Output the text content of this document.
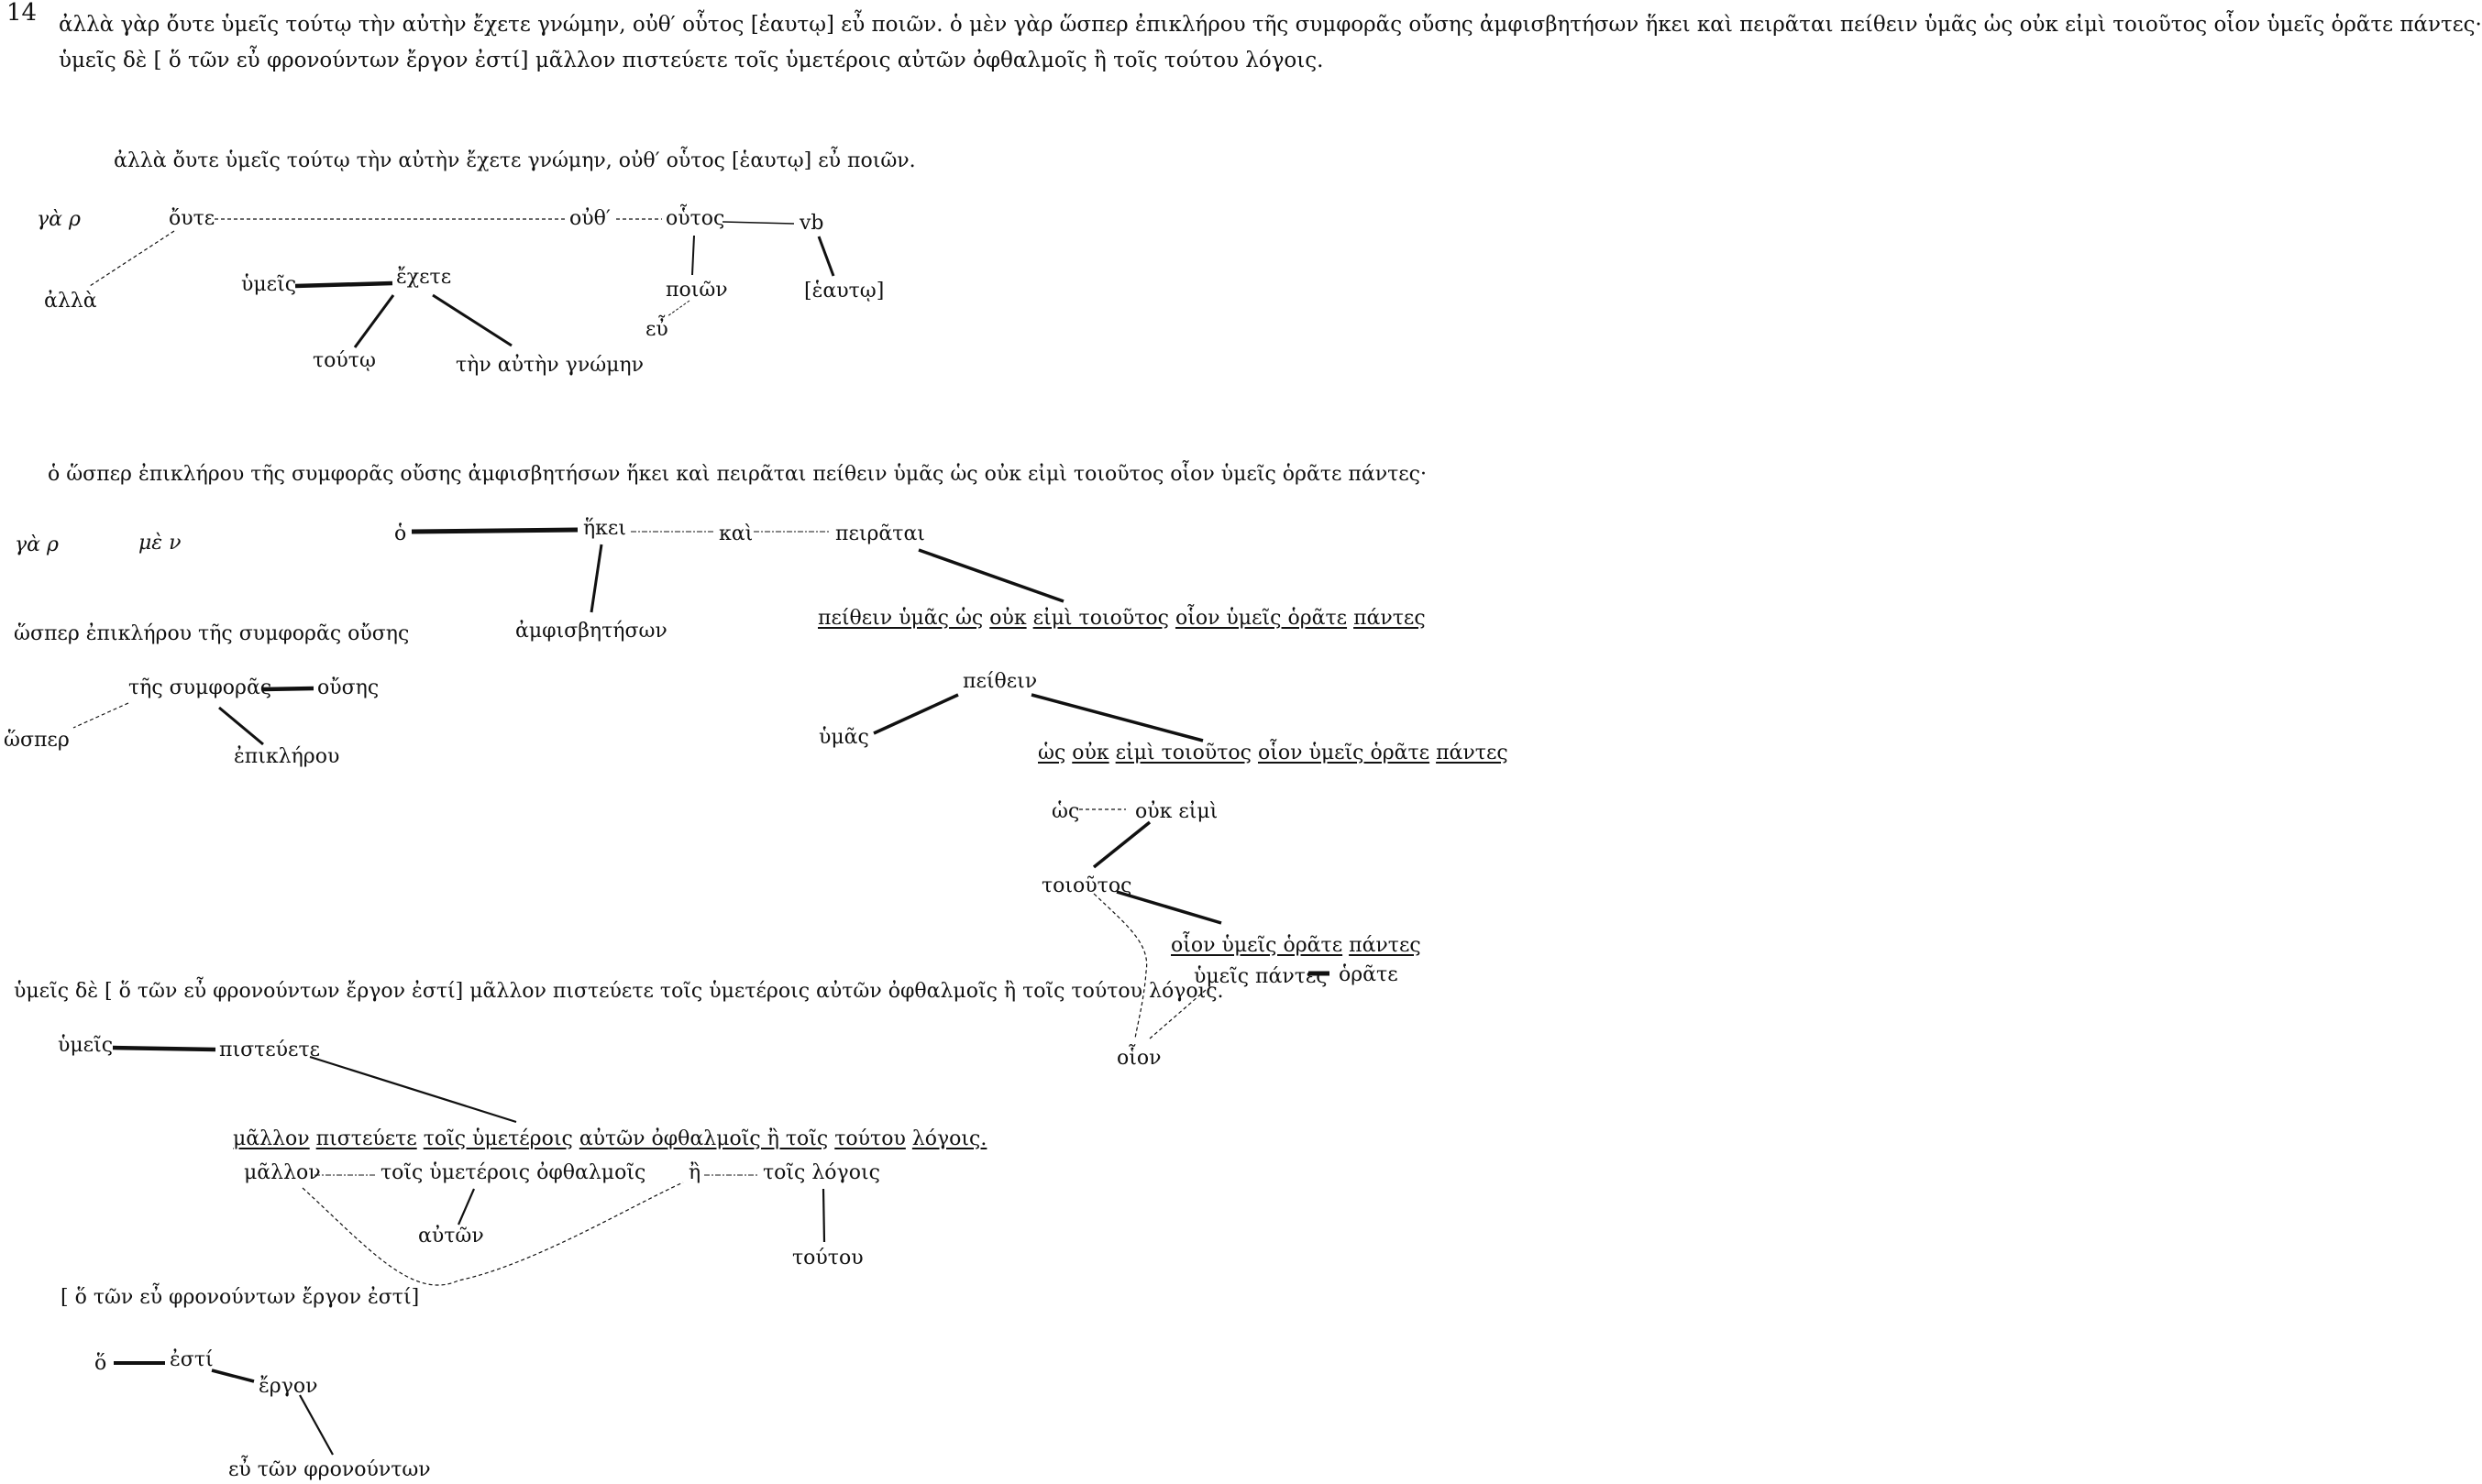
14 ἀλλὰ γὰρ ὄυτε ὑμεῖς τούτῳ τὴν αὐτὴν ἔχετε γνώμην, οὐθ′ οὗτος [ἑαυτῳ] εὖ ποιῶν. ὁ μὲν γὰρ ὥσπερ ἐπικλήρου τῆς συμφορᾶς οὔσης ἀμφισβητήσων ἥκει καὶ πειρᾶται πείθειν ὑμᾶς ὡς οὐκ εἰμὶ τοιοῦτος οἷον ὑμεῖς ὁρᾶτε πάντες·
ὑμεῖς δὲ [ ὅ τῶν εὖ φρονούντων ἔργον ἐστί] μᾶλλον πιστεύετε τοῖς ὑμετέροις αὐτῶν ὀφθαλμοῖς ἢ τοῖς τούτου λόγοις.
ἀλλὰ ὄυτε ὑμεῖς τούτῳ τὴν αὐτὴν ἔχετε γνώμην, οὐθ′ οὗτος [ἑαυτῳ] εὖ ποιῶν.
γὰ ρ	ὄυτε	οὐθ′	οὗτος	vb
ἀλλὰ
ὑμεῖς	ἔχετε
ποιῶν	[ἑαυτῳ]
εὖ
τούτῳ	τὴν αὐτὴν γνώμην
ὁ ὥσπερ ἐπικλήρου τῆς συμφορᾶς οὔσης ἀμφισβητήσων ἥκει καὶ πειρᾶται πείθειν ὑμᾶς ὡς οὐκ εἰμὶ τοιοῦτος οἷον ὑμεῖς ὁρᾶτε πάντες·
γὰ ρ	μὲ ν	ὁ	ἥκει	καὶ	πειρᾶται
ἀμφισβητήσων
ὥσπερ ἐπικλήρου τῆς συμφορᾶς οὔσης
πείθειν ὑμᾶς ὡς οὐκ εἰμὶ τοιοῦτος οἷον ὑμεῖς ὁρᾶτε πάντες
τῆς συμφορᾶς οὔσης
ὥσπερ
ἐπικλήρου
πείθειν
ὑμᾶς
ὡς οὐκ εἰμὶ τοιοῦτος οἷον ὑμεῖς ὁρᾶτε πάντες
ὡς	οὐκ εἰμὶ
τοιοῦτος
οἷον ὑμεῖς ὁρᾶτε πάντες
ὑμεῖς πάντες ὁρᾶτε
οἷον
ὑμεῖς δὲ [ ὅ τῶν εὖ φρονούντων ἔργον ἐστί] μᾶλλον πιστεύετε τοῖς ὑμετέροις αὐτῶν ὀφθαλμοῖς ἢ τοῖς τούτου λόγοις.
ὑμεῖς	πιστεύετε
μᾶλλον πιστεύετε τοῖς ὑμετέροις αὐτῶν ὀφθαλμοῖς ἢ τοῖς τούτου λόγοις.
μᾶλλον	τοῖς ὑμετέροις ὀφθαλμοῖς ἢ	τοῖς λόγοις
αὐτῶν
τούτου
[ ὅ τῶν εὖ φρονούντων ἔργον ἐστί]
ὅ	ἐστί
ἔργον
εὖ τῶν φρονούντων
